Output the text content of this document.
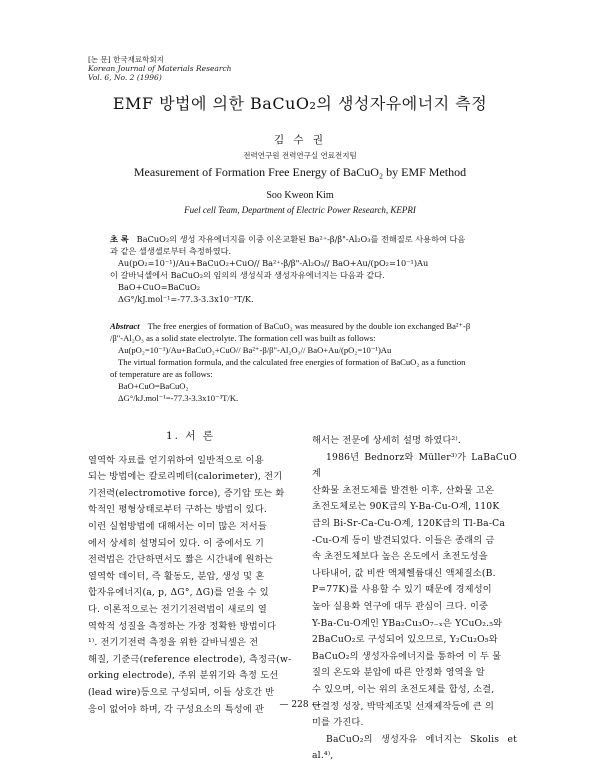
[논 문] 한국재료학회지
Korean Journal of Materials Research
Vol. 6, No. 2 (1996)
EMF 방법에 의한 BaCuO₂의 생성자유에너지 측정
김 수 권
전력연구원 전력연구실 연료전지팀
Measurement of Formation Free Energy of BaCuO₂ by EMF Method
Soo Kweon Kim
Fuel cell Team, Department of Electric Power Research, KEPRI
초 록 BaCuO₂의 생성 자유에너지를 이중 이온교환된 Ba²⁺-β/β"-Al₂O₃를 전해질로 사용하여 다음
과 같은 셀생셀로부터 측정하였다.
Au(pO₂=10⁻¹)/Au+BaCuO₂+CuO// Ba²⁺-β/β"-Al₂O₃// BaO+Au/(pO₂=10⁻¹)Au
이 갈바닉셀에서 BaCuO₂의 임의의 생성식과 생성자유에너지는 다음과 같다.
BaO+CuO=BaCuO₂
ΔG°/kJ.mol⁻¹=-77.3-3.3x10⁻³T/K.
Abstract The free energies of formation of BaCuO₂ was measured by the double ion exchanged Ba²⁺-β
/β"-Al₂O₃ as a solid state electrolyte. The formation cell was built as follows:
Au(pO₂=10⁻¹)/Au+BaCuO₂+CuO// Ba²⁺-β/β"-Al₂O₃// BaO+Au/(pO₂=10⁻¹)Au
The virtual formation formula, and the calculated free energies of formation of BaCuO₂ as a function
of temperature are as follows:
BaO+CuO=BaCuO₂
ΔG°/kJ.mol⁻¹=-77.3-3.3x10⁻³T/K.
1. 서 론

열역학 자료를 얻기위하여 일반적으로 이용

되는 방법에는 칼로리메터(calorimeter), 전기

기전력(electromotive force), 증기압 또는 화

학적인 평형상태로부터 구하는 방법이 있다.

이런 실험방법에 대해서는 이미 많은 저서들

에서 상세히 설명되어 있다. 이 중에서도 기

전력법은 간단하면서도 짧은 시간내에 원하는

열역학 데이터, 즉 활동도, 분압, 생성 및 혼

합자유에너지(a, p, ΔG°, ΔG)를 얻을 수 있

다. 이론적으로는 전기기전력법이 새로의 열

역학적 성질을 측정하는 가장 정확한 방법이다

¹⁾. 전기기전력 측정을 위한 갈바닉셀은 전

해질, 기준극(reference electrode), 측정극(w-

orking electrode), 주위 분위기와 측정 도선

(lead wire)등으로 구성되며, 이들 상호간 반

응이 없어야 하며, 각 구성요소의 특성에 관

해서는 전문에 상세히 설명 하였다²⁾.

1986년 Bednorz와 Müller³⁾가 LaBaCuO계

산화물 초전도체를 발견한 이후, 산화물 고온

초전도체로는 90K급의 Y-Ba-Cu-O계, 110K

급의 Bi-Sr-Ca-Cu-O계, 120K급의 Tl-Ba-Ca

-Cu-O계 등이 발견되었다. 이들은 종래의 금

속 초전도체보다 높은 온도에서 초전도성을

나타내어, 값 비싼 액체헬륨대신 액체질소(B.

P=77K)를 사용할 수 있기 때문에 경제성이

높아 실용화 연구에 대두 관심이 크다. 이중

Y-Ba-Cu-O계인 YBa₂Cu₃O₇₋ₓ은 YCuO₂.₅와

2BaCuO₂로 구성되어 있으므로, Y₂Cu₂O₅와

BaCuO₂의 생성자유에너지를 통하여 이 두 물

질의 온도와 분압에 따른 안정화 영역을 알

수 있으며, 이는 위의 초전도체를 합성, 소결,

단결정 성장, 박막제조및 선재제작등에 큰 의

미를 가진다.

BaCuO₂의 생성자유 에너지는 Skolis et al.⁴⁾,

— 228 —
